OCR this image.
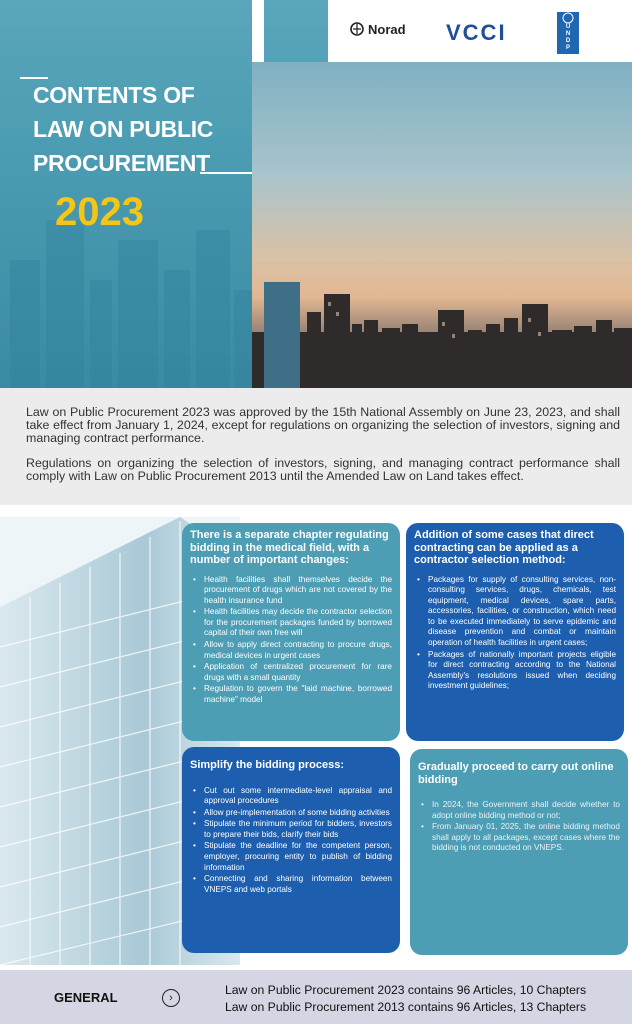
Norad VCCI	U
N
D
P
CONTENTS OF
LAW ON PUBLIC
PROCUREMENT
2023

Law on Public Procurement 2023 was approved by the 15th National Assembly on June 23, 2023, and shall take effect from January 1, 2024, except for regulations on organizing the selection of investors, signing and managing contract performance.

Regulations on organizing the selection of investors, signing, and managing contract performance shall comply with Law on Public Procurement 2013 until the Amended Law on Land takes effect.

There is a separate chapter regulating bidding in the medical field, with a number of important changes:
• Health facilities shall themselves decide the procurement of drugs which are not covered by the health insurance fund
• Health facilities may decide the contractor selection for the procurement packages funded by borrowed capital of their own free will
• Allow to apply direct contracting to procure drugs, medical devices in urgent cases
• Application of centralized procurement for rare drugs with a small quantity
• Regulation to govern the "laid machine, borrowed machine" model
Addition of some cases that direct contracting can be applied as a contractor selection method:
• Packages for supply of consulting services, non-consulting services, drugs, chemicals, test equipment, medical devices, spare parts, accessories, facilities, or construction, which need to be executed immediately to serve epidemic and disease prevention and combat or maintain operation of health facilities in urgent cases;
• Packages of nationally important projects eligible for direct contracting according to the National Assembly's resolutions issued when deciding investment guidelines;
Simplify the bidding process:
• Cut out some intermediate-level appraisal and approval procedures
• Allow pre-implementation of some bidding activities
• Stipulate the minimum period for bidders, investors to prepare their bids, clarify their bids
• Stipulate the deadline for the competent person, employer, procuring entity to publish of bidding information
• Connecting and sharing information between VNEPS and web portals
Gradually proceed to carry out online bidding
• In 2024, the Government shall decide whether to adopt online bidding method or not;
• From January 01, 2025, the online bidding method shall apply to all packages, except cases where the bidding is not conducted on VNEPS.
GENERAL	›
Law on Public Procurement 2023 contains 96 Articles, 10 Chapters
Law on Public Procurement 2013 contains 96 Articles, 13 Chapters
